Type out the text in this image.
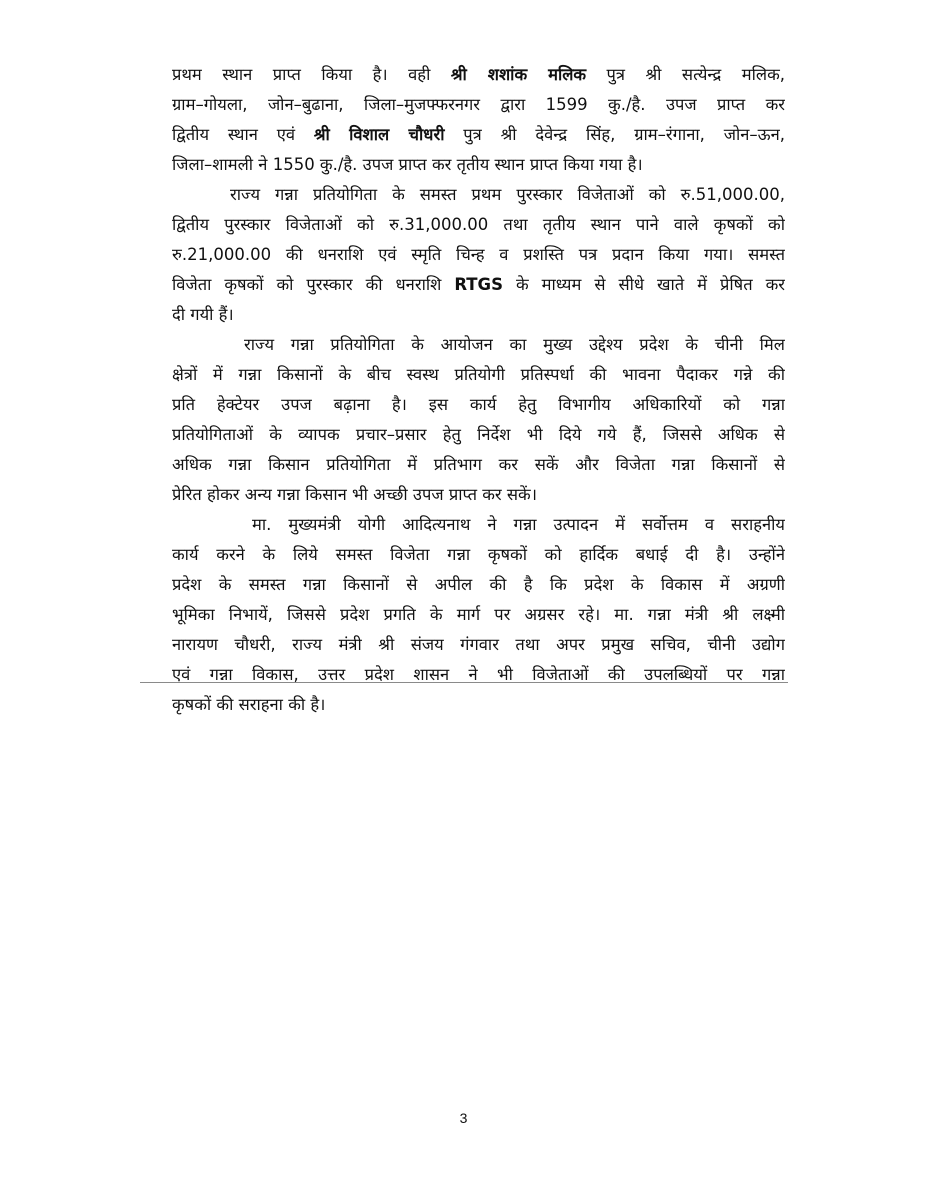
प्रथम स्थान प्राप्त किया है। वही श्री शशांक मलिक पुत्र श्री सत्येन्द्र मलिक,
ग्राम–गोयला, जोन–बुढाना, जिला–मुजफ्फरनगर द्वारा 1599 कु./है. उपज प्राप्त कर
द्वितीय स्थान एवं श्री विशाल चौधरी पुत्र श्री देवेन्द्र सिंह, ग्राम–रंगाना, जोन–ऊन,
जिला–शामली ने 1550 कु./है. उपज प्राप्त कर तृतीय स्थान प्राप्त किया गया है।
राज्य गन्ना प्रतियोगिता के समस्त प्रथम पुरस्कार विजेताओं को रु.51,000.00,
द्वितीय पुरस्कार विजेताओं को रु.31,000.00 तथा तृतीय स्थान पाने वाले कृषकों को
रु.21,000.00 की धनराशि एवं स्मृति चिन्ह व प्रशस्ति पत्र प्रदान किया गया। समस्त
विजेता कृषकों को पुरस्कार की धनराशि RTGS के माध्यम से सीधे खाते में प्रेषित कर
दी गयी हैं।
राज्य गन्ना प्रतियोगिता के आयोजन का मुख्य उद्देश्य प्रदेश के चीनी मिल
क्षेत्रों में गन्ना किसानों के बीच स्वस्थ प्रतियोगी प्रतिस्पर्धा की भावना पैदाकर गन्ने की
प्रति हेक्टेयर उपज बढ़ाना है। इस कार्य हेतु विभागीय अधिकारियों को गन्ना
प्रतियोगिताओं के व्यापक प्रचार–प्रसार हेतु निर्देश भी दिये गये हैं, जिससे अधिक से
अधिक गन्ना किसान प्रतियोगिता में प्रतिभाग कर सकें और विजेता गन्ना किसानों से
प्रेरित होकर अन्य गन्ना किसान भी अच्छी उपज प्राप्त कर सकें।
मा. मुख्यमंत्री योगी आदित्यनाथ ने गन्ना उत्पादन में सर्वोत्तम व सराहनीय
कार्य करने के लिये समस्त विजेता गन्ना कृषकों को हार्दिक बधाई दी है। उन्होंने
प्रदेश के समस्त गन्ना किसानों से अपील की है कि प्रदेश के विकास में अग्रणी
भूमिका निभायें, जिससे प्रदेश प्रगति के मार्ग पर अग्रसर रहे। मा. गन्ना मंत्री श्री लक्ष्मी
नारायण चौधरी, राज्य मंत्री श्री संजय गंगवार तथा अपर प्रमुख सचिव, चीनी उद्योग
एवं गन्ना विकास, उत्तर प्रदेश शासन ने भी विजेताओं की उपलब्धियों पर गन्ना
कृषकों की सराहना की है।
3
